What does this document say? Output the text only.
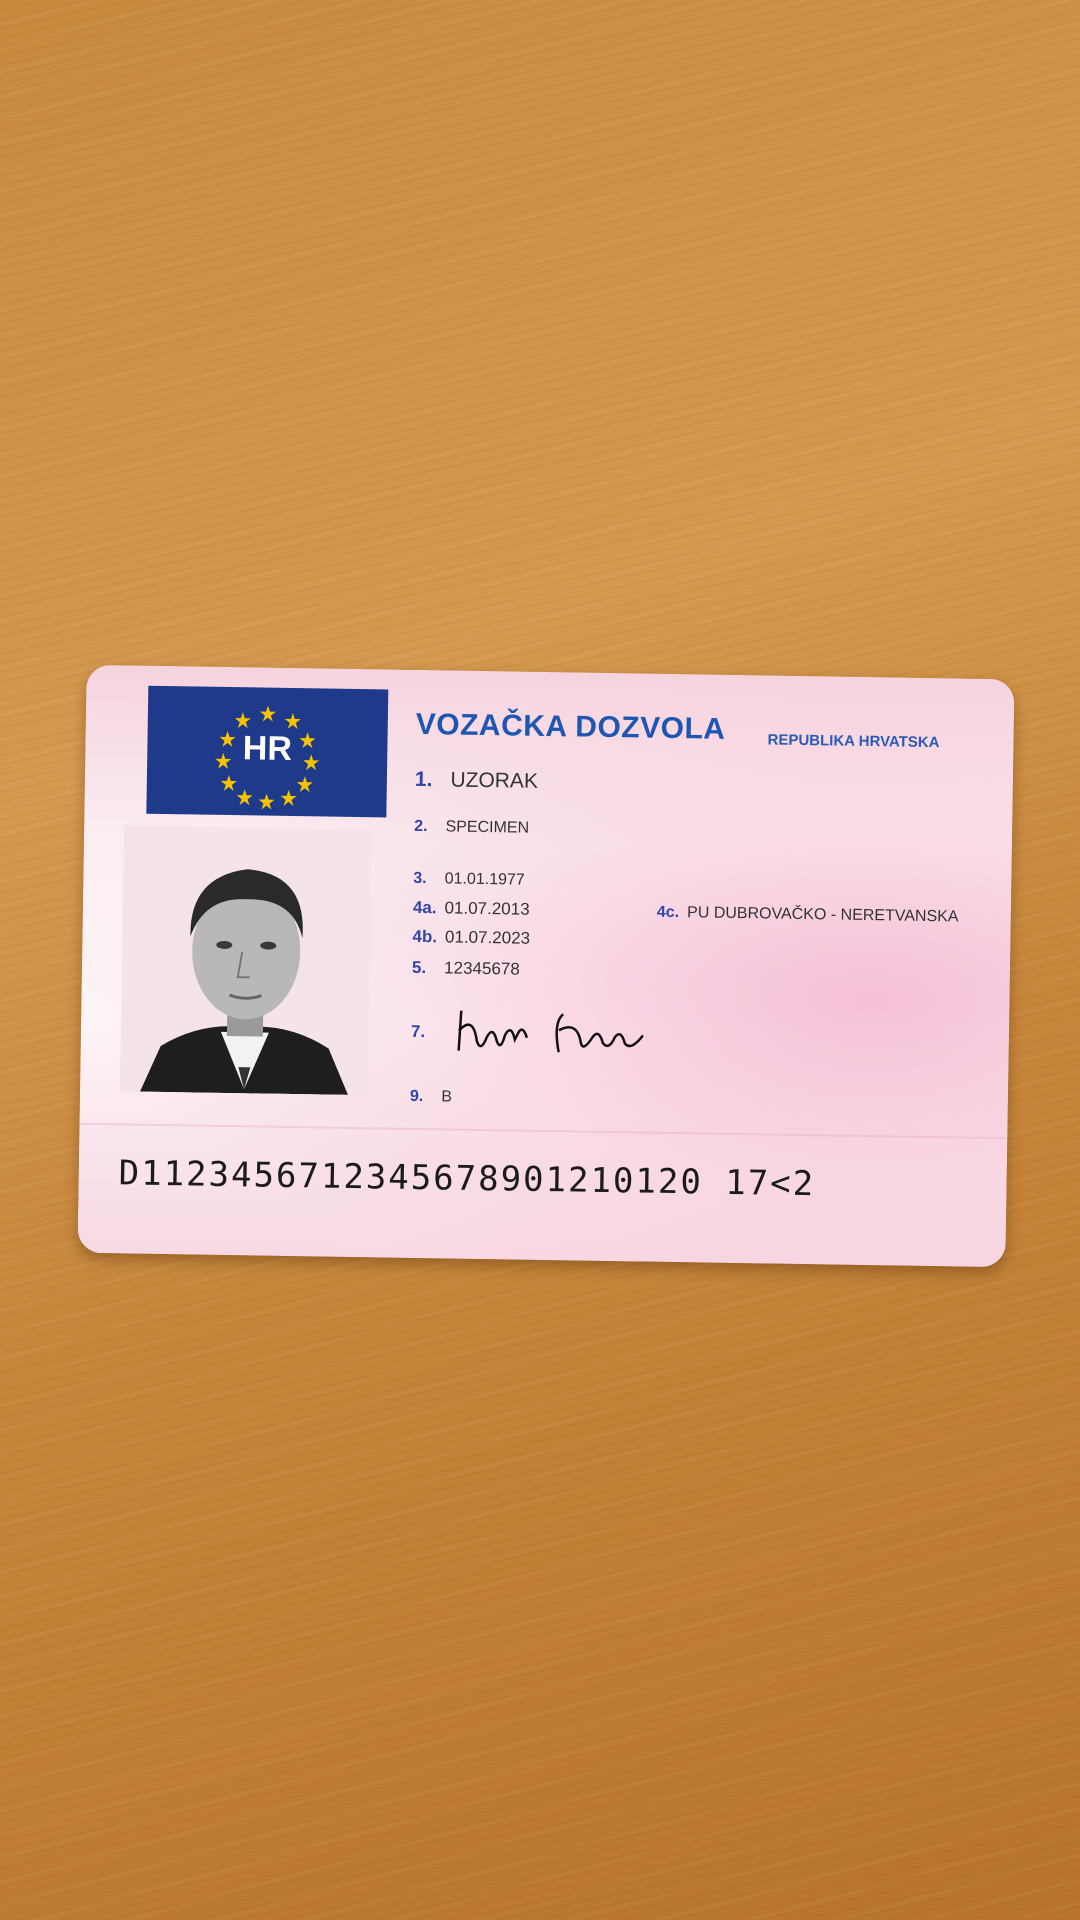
HR
VOZAČKA DOZVOLA	REPUBLIKA HRVATSKA
1. UZORAK
2. SPECIMEN
3. 01.01.1977
4a. 01.07.2013	4c. PU DUBROVAČKO - NERETVANSKA
4b. 01.07.2023
5. 12345678
7.
9. B
D1123456712345678901210120 17<2
